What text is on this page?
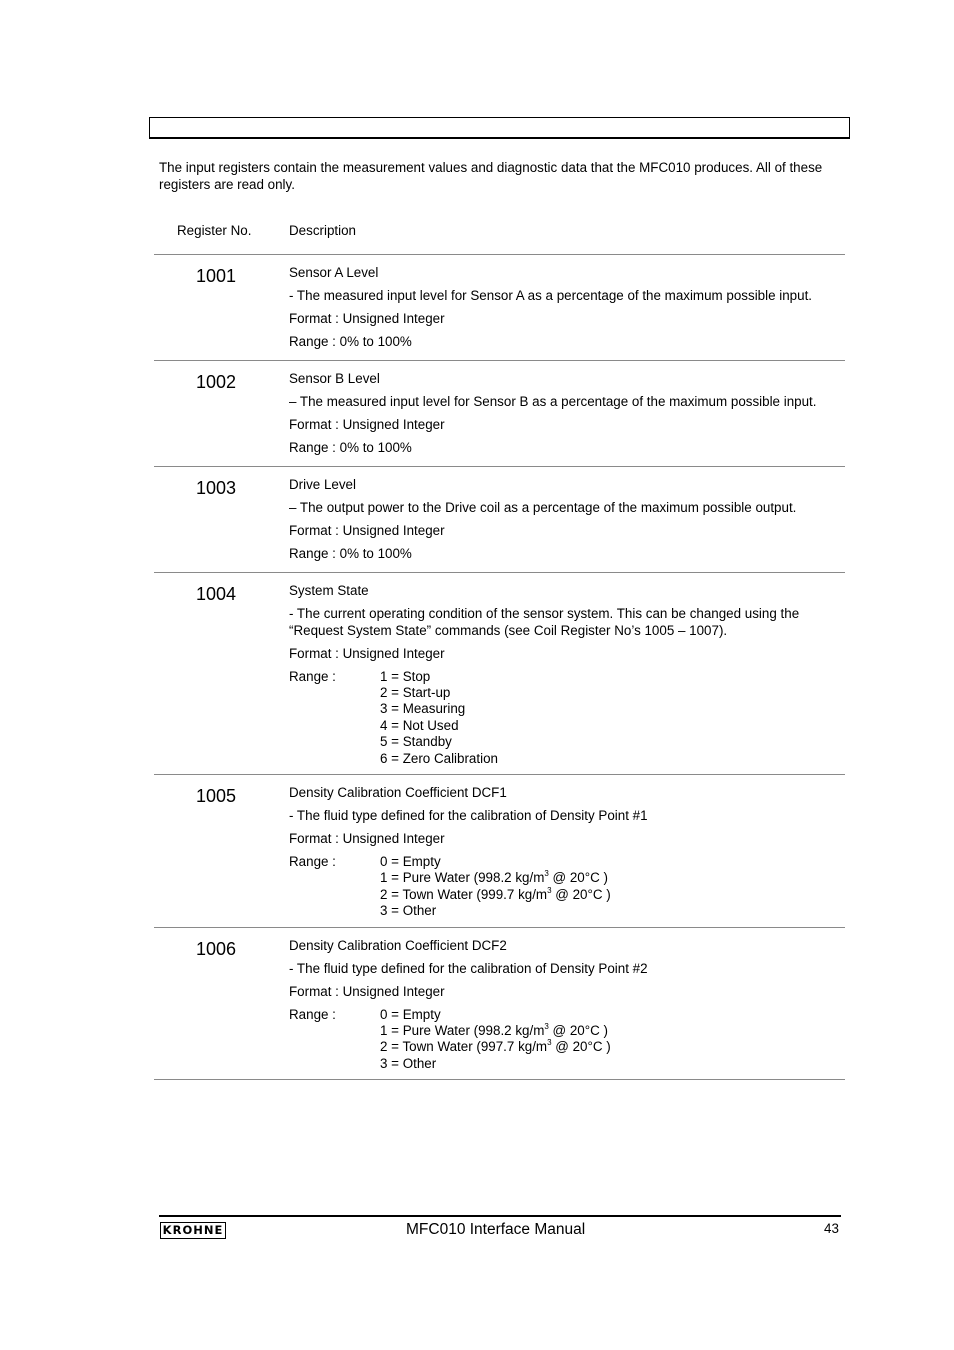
The input registers contain the measurement values and diagnostic data that the MFC010 produces. All of these registers are read only.
Register No.	Description
1001	Sensor A Level

- The measured input level for Sensor A as a percentage of the maximum possible input.

Format : Unsigned Integer

Range : 0% to 100%

1002	Sensor B Level

– The measured input level for Sensor B as a percentage of the maximum possible input.

Format : Unsigned Integer

Range : 0% to 100%

1003	Drive Level

– The output power to the Drive coil as a percentage of the maximum possible output.

Format : Unsigned Integer

Range : 0% to 100%

1004	System State

- The current operating condition of the sensor system. This can be changed using the “Request System State” commands (see Coil Register No’s 1005 – 1007).

Format : Unsigned Integer

Range :	1 = Stop
2 = Start-up
3 = Measuring
4 = Not Used
5 = Standby
6 = Zero Calibration
1005	Density Calibration Coefficient DCF1

- The fluid type defined for the calibration of Density Point #1

Format : Unsigned Integer

Range :	0 = Empty
1 = Pure Water (998.2 $kg/m^3$ @ 20°C )
2 = Town Water (999.7 $kg/m^3$ @ 20°C )
3 = Other
1006	Density Calibration Coefficient DCF2

- The fluid type defined for the calibration of Density Point #2

Format : Unsigned Integer

Range :	0 = Empty
1 = Pure Water (998.2 $kg/m^3$ @ 20°C )
2 = Town Water (997.7 $kg/m^3$ @ 20°C )
3 = Other
KROHNE	MFC010 Interface Manual	43
